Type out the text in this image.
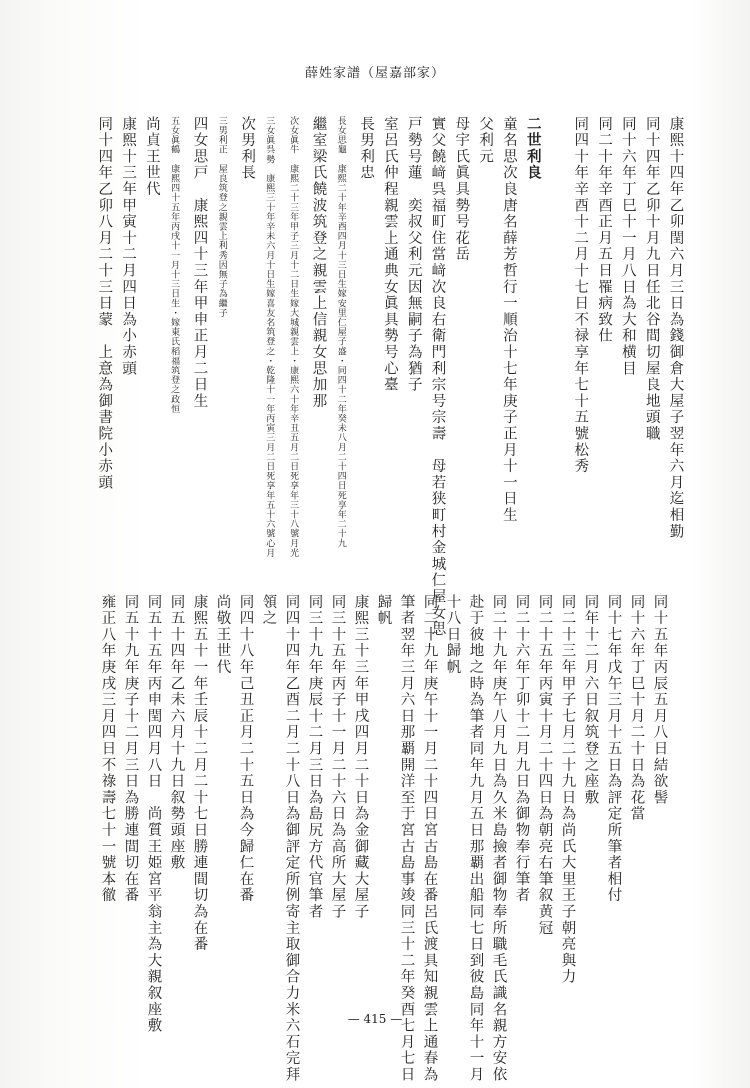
薛姓家譜（屋嘉部家）
康熙十四年乙卯閏六月三日為錢御倉大屋子翌年六月迄相勤
同十四年乙卯十月九日任北谷間切屋良地頭職
同十六年丁巳十一月八日為大和横目
同二十年辛酉正月五日罹病致仕
同四十年辛酉十二月十七日不禄享年七十五號松秀
二世利良
童名思次良唐名薛芳哲行一順治十七年庚子正月十一日生
父利元
母宇氏眞具勢号花岳
實父饒﨑呉福町住當﨑次良右衛門利宗号宗壽　母若狭町村金城仁屋女思
戸勢号蓮　奕叔父利元因無嗣子為猶子
室呂氏仲程親雲上通典女眞具勢号心臺
長男利忠
長女思龜　康熙二十年辛酉四月十三日生嫁安里仁屋子盛・同四十二年癸未八月二十四日死享年二十九
繼室梁氏饒波筑登之親雲上信親女思加那
次女眞牛　康熙二十三年甲子三月十二日生嫁大城親雲上・康熙六十年辛丑五月二日死享年三十八號月光
三女眞呉勢　康熙三十年辛未六月十日生嫁喜友名筑登之・乾隆十一年丙寅三月二日死享年五十六號心月
次男利長
三男利正　屋良筑登之親雲上利秀因無子為繼子
四女思戸　康熙四十三年甲申正月二日生
五女眞鶴　康熙四十五年丙戌十一月十三日生・嫁東氏稻福筑登之政恒
尚貞王世代
康熙十三年甲寅十二月四日為小赤頭
同十四年乙卯八月二十三日蒙　上意為御書院小赤頭
同十五年丙辰五月八日結欲髻
同十六年丁巳十月二十日為花當
同十七年戊午三月十五日為評定所筆者相付
同年十二月六日叙筑登之座敷
同二十三年甲子七月二十九日為尚氏大里王子朝亮與力
同二十五年丙寅十月二十四日為朝亮右筆叙黄冠
同二十六年丁卯十二月九日為御物奉行筆者
同二十九年庚午八月九日為久米島撿者御物奉所職毛氏識名親方安依
赴于彼地之時為筆者同年九月五日那覇出船同七日到彼島同年十一月
十八日歸帆
同二十九年庚午十一月二十四日宮古島在番呂氏渡具知親雲上通春為
筆者翌年三月六日那覇開洋至于宮古島事竣同三十二年癸酉七月七日
歸帆
康熙三十三年甲戌四月二十日為金御藏大屋子
同三十五年丙子十一月二十六日為高所大屋子
同三十九年庚辰十二月三日為島尻方代官筆者
同四十四年乙酉二月二十八日為御評定所例寄主取御合力米六石完拜
領之
同四十八年己丑正月二十五日為今歸仁在番
尚敬王世代
康熙五十一年壬辰十二月二十七日勝連間切為在番
同五十四年乙未六月十九日叙勢頭座敷
同五十五年丙申閏四月八日　尚質王姫宮平翁主為大親叙座敷
同五十九年庚子十二月三日為勝連間切在番
雍正八年庚戌三月四日不祿壽七十一號本徹
— 415 —
